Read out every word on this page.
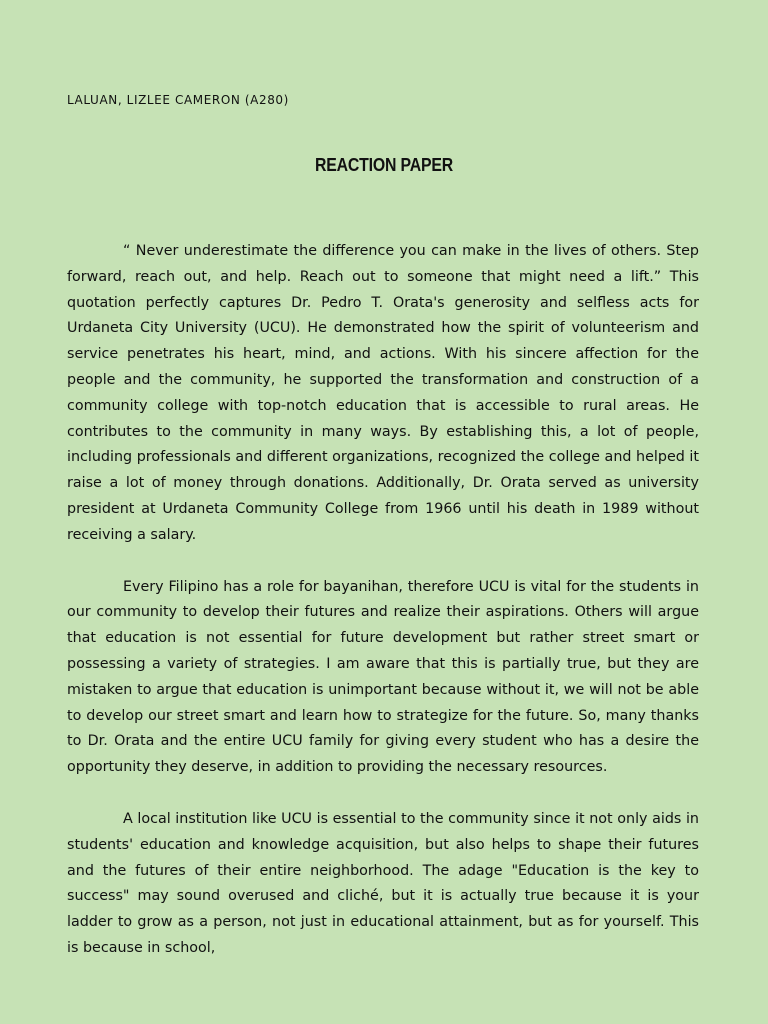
LALUAN, LIZLEE CAMERON (A280)
REACTION PAPER

“ Never underestimate the difference you can make in the lives of others. Step forward, reach out, and help. Reach out to someone that might need a lift.” This quotation perfectly captures Dr. Pedro T. Orata's generosity and selfless acts for Urdaneta City University (UCU). He demonstrated how the spirit of volunteerism and service penetrates his heart, mind, and actions. With his sincere affection for the people and the community, he supported the transformation and construction of a community college with top-notch education that is accessible to rural areas. He contributes to the community in many ways. By establishing this, a lot of people, including professionals and different organizations, recognized the college and helped it raise a lot of money through donations. Additionally, Dr. Orata served as university president at Urdaneta Community College from 1966 until his death in 1989 without receiving a salary.

Every Filipino has a role for bayanihan, therefore UCU is vital for the students in our community to develop their futures and realize their aspirations. Others will argue that education is not essential for future development but rather street smart or possessing a variety of strategies. I am aware that this is partially true, but they are mistaken to argue that education is unimportant because without it, we will not be able to develop our street smart and learn how to strategize for the future. So, many thanks to Dr. Orata and the entire UCU family for giving every student who has a desire the opportunity they deserve, in addition to providing the necessary resources.

A local institution like UCU is essential to the community since it not only aids in students' education and knowledge acquisition, but also helps to shape their futures and the futures of their entire neighborhood. The adage "Education is the key to success" may sound overused and cliché, but it is actually true because it is your ladder to grow as a person, not just in educational attainment, but as for yourself. This is because in school,
